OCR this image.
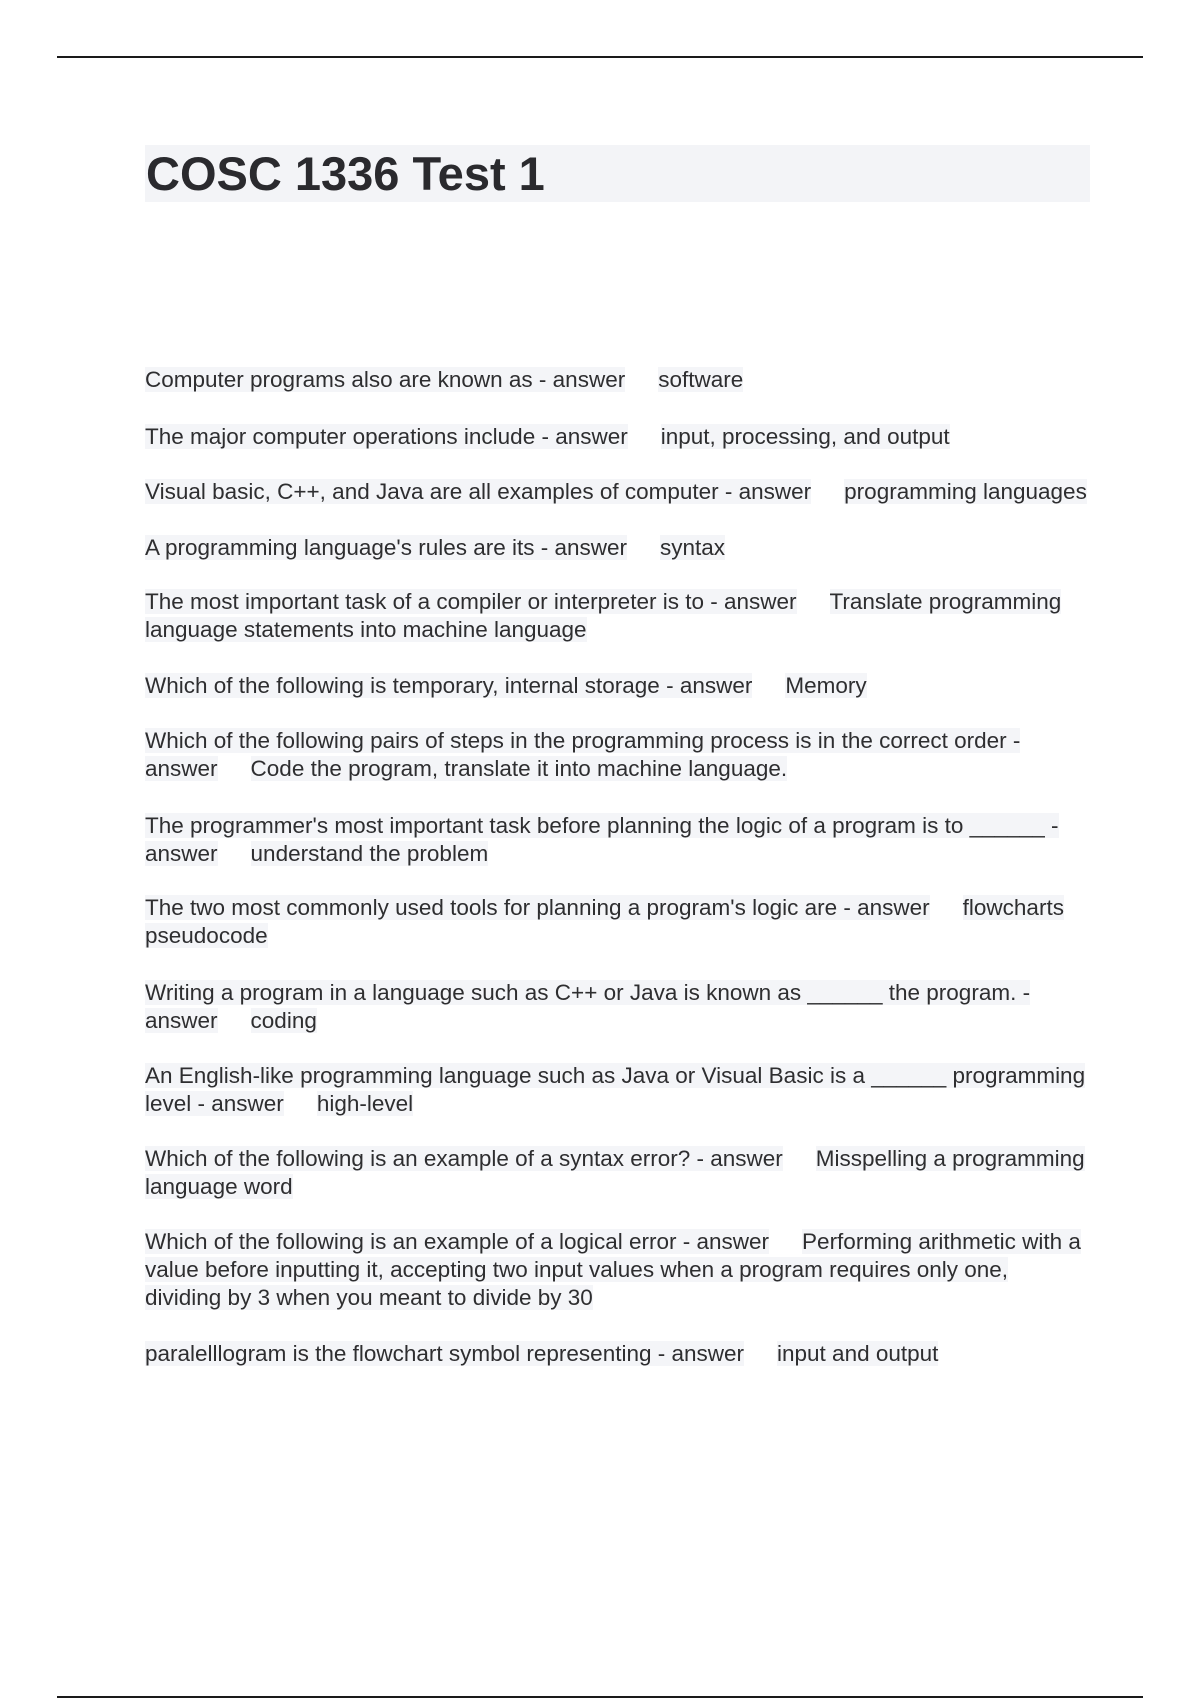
COSC 1336 Test 1
Computer programs also are known as - answer software
The major computer operations include - answer input, processing, and output
Visual basic, C++, and Java are all examples of computer - answer programming languages
A programming language's rules are its - answer syntax
The most important task of a compiler or interpreter is to - answer Translate programming language statements into machine language
Which of the following is temporary, internal storage - answer Memory
Which of the following pairs of steps in the programming process is in the correct order - answer Code the program, translate it into machine language.
The programmer's most important task before planning the logic of a program is to ______ - answer understand the problem
The two most commonly used tools for planning a program's logic are - answer flowcharts pseudocode
Writing a program in a language such as C++ or Java is known as ______ the program. - answer coding
An English-like programming language such as Java or Visual Basic is a ______ programming level - answer high-level
Which of the following is an example of a syntax error? - answer Misspelling a programming language word
Which of the following is an example of a logical error - answer Performing arithmetic with a value before inputting it, accepting two input values when a program requires only one, dividing by 3 when you meant to divide by 30
paralelllogram is the flowchart symbol representing - answer input and output
